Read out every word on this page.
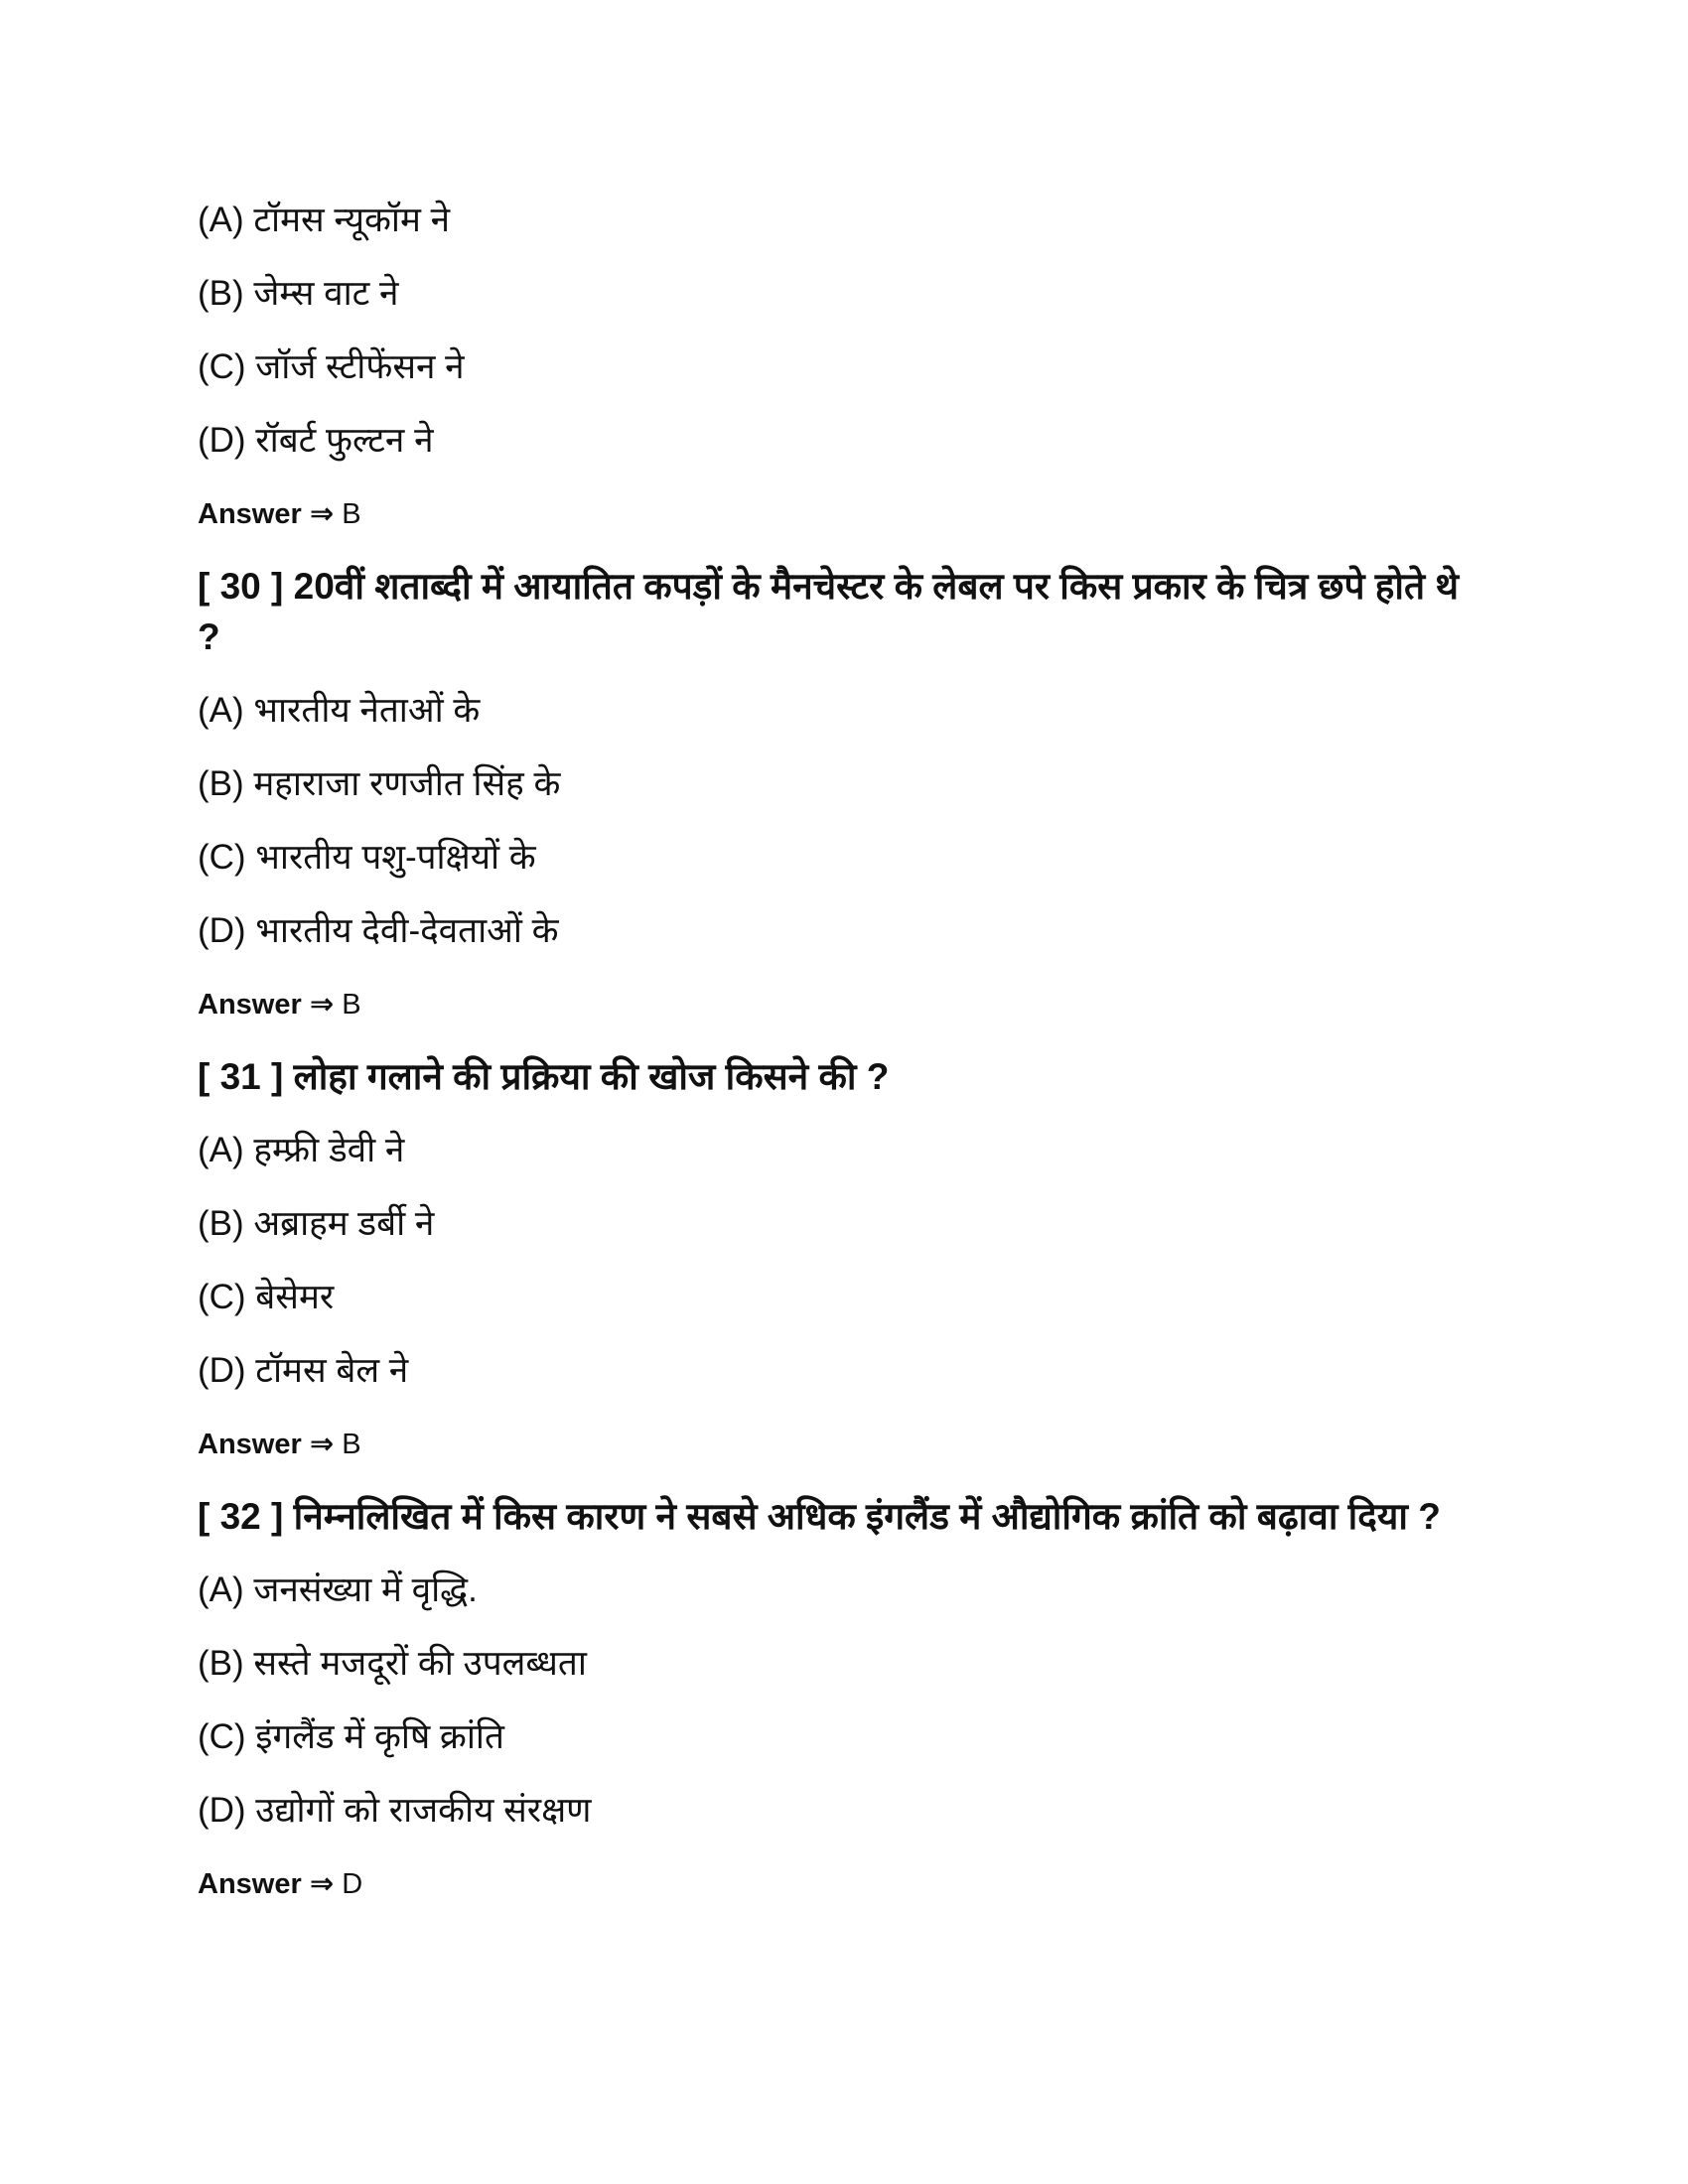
(A) टॉमस न्यूकॉम ने
(B) जेम्स वाट ने
(C) जॉर्ज स्टीफेंसन ने
(D) रॉबर्ट फुल्टन ने
Answer ⇒ B
[ 30 ] 20वीं शताब्दी में आयातित कपड़ों के मैनचेस्टर के लेबल पर किस प्रकार के चित्र छपे होते थे ?
(A) भारतीय नेताओं के
(B) महाराजा रणजीत सिंह के
(C) भारतीय पशु-पक्षियों के
(D) भारतीय देवी-देवताओं के
Answer ⇒ B
[ 31 ] लोहा गलाने की प्रक्रिया की खोज किसने की ?
(A) हम्फ्री डेवी ने
(B) अब्राहम डर्बी ने
(C) बेसेमर
(D) टॉमस बेल ने
Answer ⇒ B
[ 32 ] निम्नलिखित में किस कारण ने सबसे अधिक इंगलैंड में औद्योगिक क्रांति को बढ़ावा दिया ?
(A) जनसंख्या में वृद्धि.
(B) सस्ते मजदूरों की उपलब्धता
(C) इंगलैंड में कृषि क्रांति
(D) उद्योगों को राजकीय संरक्षण
Answer ⇒ D
